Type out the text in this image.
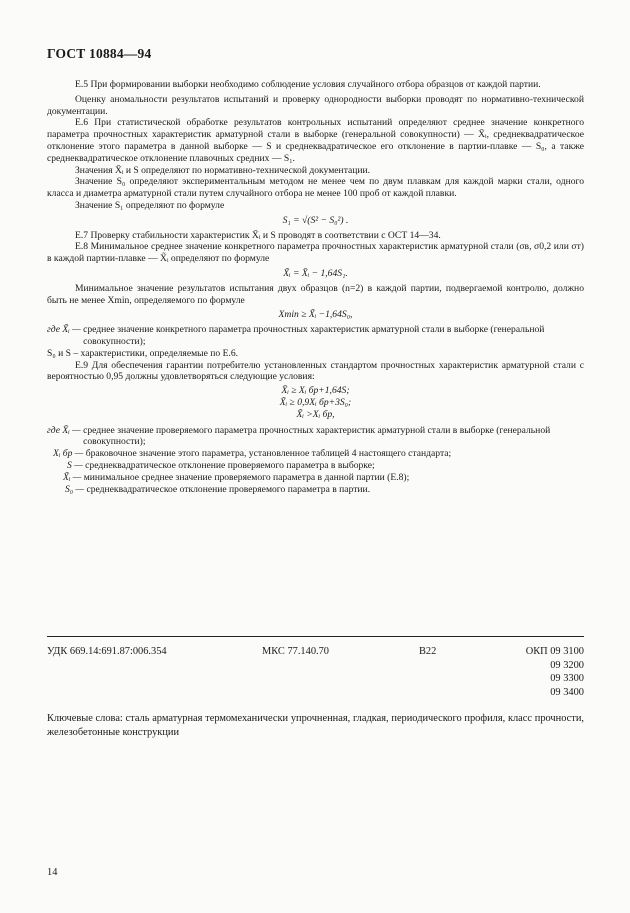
ГОСТ 10884—94

Е.5 При формировании выборки необходимо соблюдение условия случайного отбора образцов от каждой партии.

Оценку аномальности результатов испытаний и проверку однородности выборки проводят по нормативно-технической документации.

Е.6 При статистической обработке результатов контрольных испытаний определяют среднее значение конкретного параметра прочностных характеристик арматурной стали в выборке (генеральной совокупности) — X̄ᵢ, среднеквадратическое отклонение этого параметра в данной выборке — S и среднеквадратическое его отклонение в партии-плавке — S₀, а также среднеквадратическое отклонение плавочных средних — S₁.

Значения X̄ᵢ и S определяют по нормативно-технической документации.

Значение S₀ определяют экспериментальным методом не менее чем по двум плавкам для каждой марки стали, одного класса и диаметра арматурной стали путем случайного отбора не менее 100 проб от каждой плавки.

Значение S₁ определяют по формуле

S₁ = √(S² − S₀²) .

Е.7 Проверку стабильности характеристик X̄ᵢ и S проводят в соответствии с ОСТ 14—34.

Е.8 Минимальное среднее значение конкретного параметра прочностных характеристик арматурной стали (σв, σ0,2 или σт) в каждой партии-плавке — X̃ᵢ определяют по формуле

X̃ᵢ = X̄ᵢ − 1,64S₁.

Минимальное значение результатов испытания двух образцов (n=2) в каждой партии, подвергаемой контролю, должно быть не менее Xmin, определяемого по формуле

Xmin ≥ X̃ᵢ −1,64S₀,

где X̃ᵢ —
среднее значение конкретного параметра прочностных характеристик арматурной стали в выборке (генеральной совокупности);

S₀ и S – характеристики, определяемые по Е.6.

Е.9 Для обеспечения гарантии потребителю установленных стандартом прочностных характеристик арматурной стали с вероятностью 0,95 должны удовлетворяться следующие условия:

X̄ᵢ ≥ Xᵢ бр+1,64S;

X̃ᵢ ≥ 0,9Xᵢ бр+3S₀;

X̃ᵢ >Xᵢ бр,

где X̄ᵢ —
среднее значение проверяемого параметра прочностных характеристик арматурной стали в выборке (генеральной совокупности);
Xᵢ бр —
браковочное значение этого параметра, установленное таблицей 4 настоящего стандарта;
S —
среднеквадратическое отклонение проверяемого параметра в выборке;
X̃ᵢ —
минимальное среднее значение проверяемого параметра в данной партии (Е.8);
S₀ —
среднеквадратическое отклонение проверяемого параметра в партии.
УДК 669.14:691.87:006.354	МКС 77.140.70	В22	ОКП 09 3100
09 3200
09 3300
09 3400
Ключевые слова: сталь арматурная термомеханически упрочненная, гладкая, периодического профиля, класс прочности, железобетонные конструкции
14
